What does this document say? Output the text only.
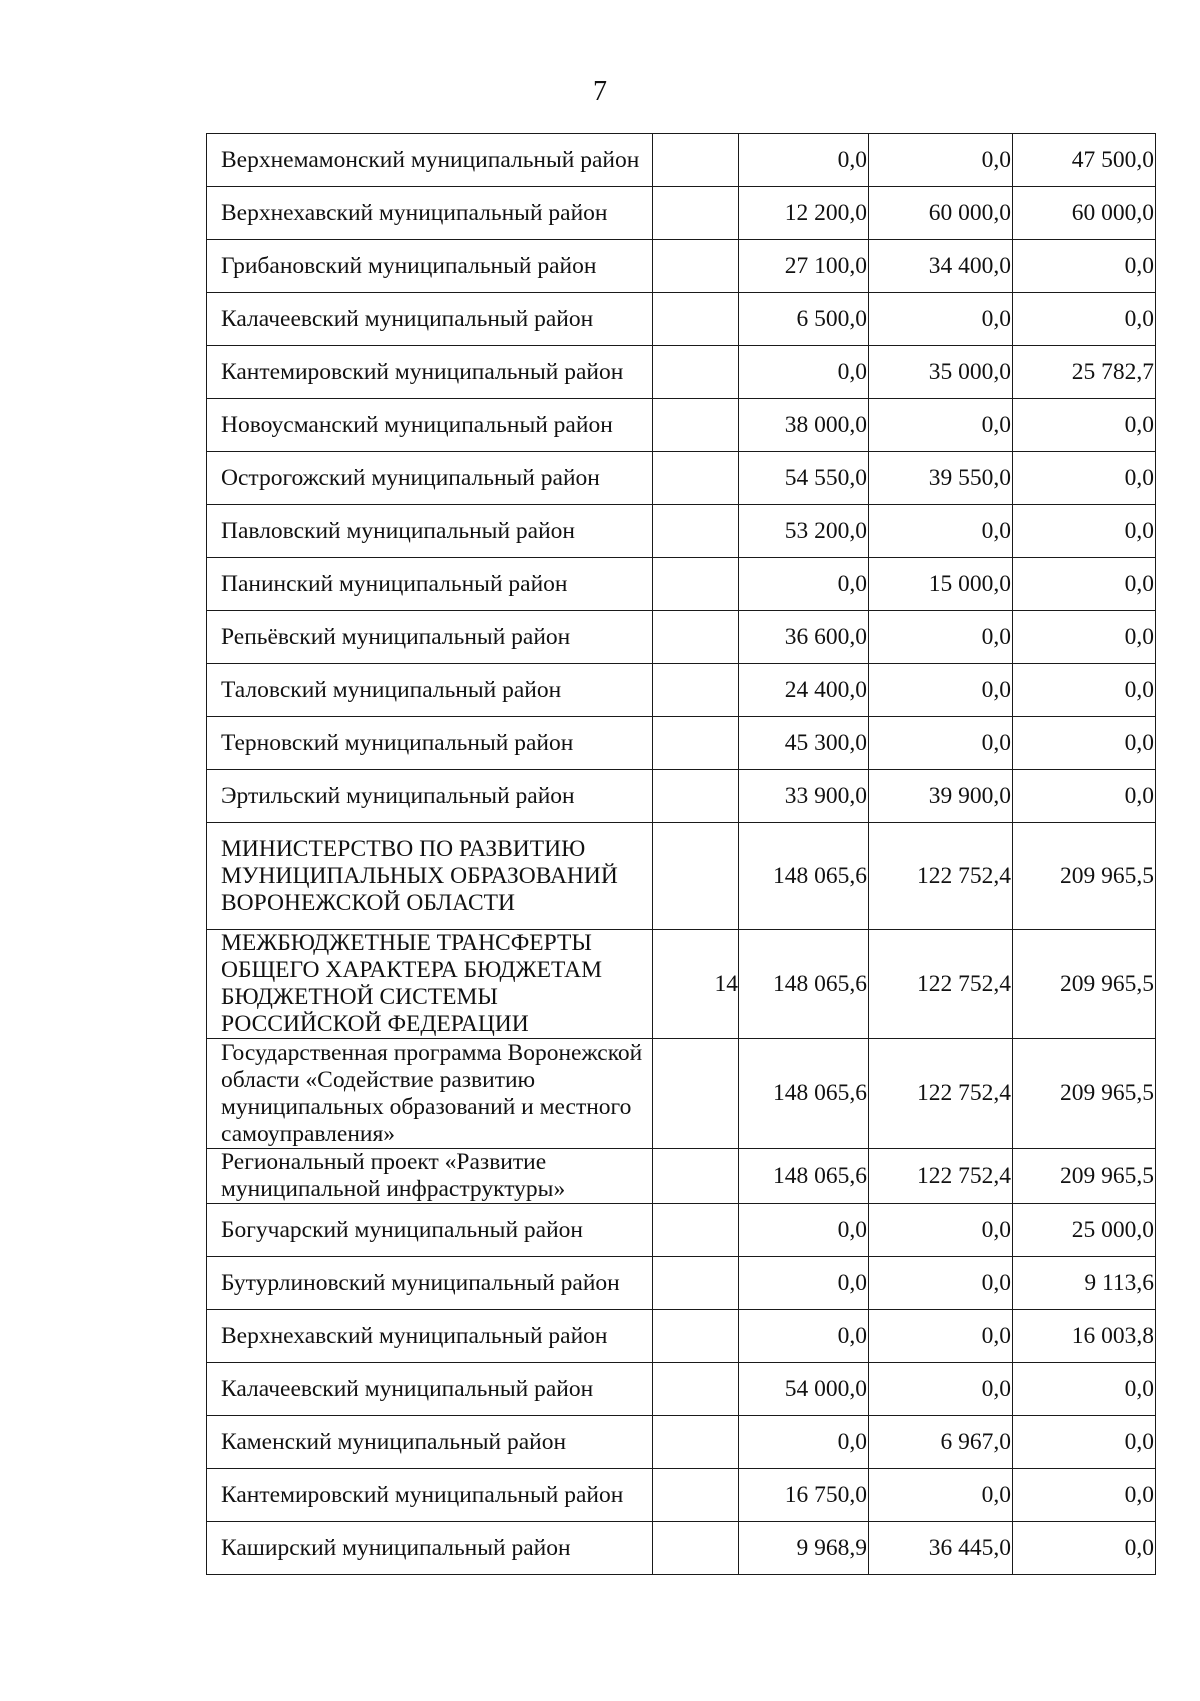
7
Верхнемамонский муниципальный район		0,0	0,0	47 500,0
Верхнехавский муниципальный район		12 200,0	60 000,0	60 000,0
Грибановский муниципальный район		27 100,0	34 400,0	0,0
Калачеевский муниципальный район		6 500,0	0,0	0,0
Кантемировский муниципальный район		0,0	35 000,0	25 782,7
Новоусманский муниципальный район		38 000,0	0,0	0,0
Острогожский муниципальный район		54 550,0	39 550,0	0,0
Павловский муниципальный район		53 200,0	0,0	0,0
Панинский муниципальный район		0,0	15 000,0	0,0
Репьёвский муниципальный район		36 600,0	0,0	0,0
Таловский муниципальный район		24 400,0	0,0	0,0
Терновский муниципальный район		45 300,0	0,0	0,0
Эртильский муниципальный район		33 900,0	39 900,0	0,0
МИНИСТЕРСТВО ПО РАЗВИТИЮ МУНИЦИПАЛЬНЫХ ОБРАЗОВАНИЙ ВОРОНЕЖСКОЙ ОБЛАСТИ		148 065,6	122 752,4	209 965,5
МЕЖБЮДЖЕТНЫЕ ТРАНСФЕРТЫ ОБЩЕГО ХАРАКТЕРА БЮДЖЕТАМ БЮДЖЕТНОЙ СИСТЕМЫ РОССИЙСКОЙ ФЕДЕРАЦИИ	14	148 065,6	122 752,4	209 965,5
Государственная программа Воронежской области «Содействие развитию муниципальных образований и местного самоуправления»		148 065,6	122 752,4	209 965,5
Региональный проект «Развитие муниципальной инфраструктуры»		148 065,6	122 752,4	209 965,5
Богучарский муниципальный район		0,0	0,0	25 000,0
Бутурлиновский муниципальный район		0,0	0,0	9 113,6
Верхнехавский муниципальный район		0,0	0,0	16 003,8
Калачеевский муниципальный район		54 000,0	0,0	0,0
Каменский муниципальный район		0,0	6 967,0	0,0
Кантемировский муниципальный район		16 750,0	0,0	0,0
Каширский муниципальный район		9 968,9	36 445,0	0,0
